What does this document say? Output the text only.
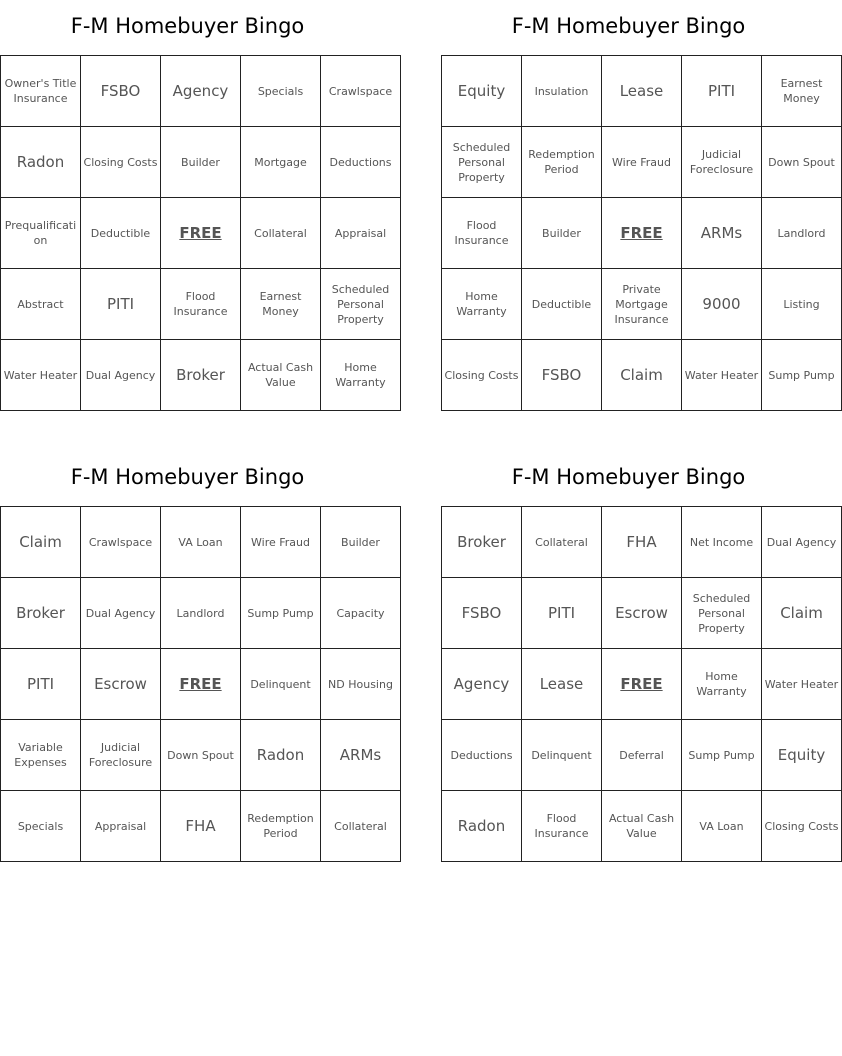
F-M Homebuyer Bingo
Owner's Title Insurance	FSBO	Agency	Specials	Crawlspace
Radon	Closing Costs	Builder	Mortgage	Deductions
Prequalification	Deductible	FREE	Collateral	Appraisal
Abstract	PITI	Flood Insurance	Earnest Money	Scheduled Personal Property
Water Heater	Dual Agency	Broker	Actual Cash Value	Home Warranty
F-M Homebuyer Bingo
Equity	Insulation	Lease	PITI	Earnest Money
Scheduled Personal Property	Redemption Period	Wire Fraud	Judicial Foreclosure	Down Spout
Flood Insurance	Builder	FREE	ARMs	Landlord
Home Warranty	Deductible	Private Mortgage Insurance	9000	Listing
Closing Costs	FSBO	Claim	Water Heater	Sump Pump
F-M Homebuyer Bingo
Claim	Crawlspace	VA Loan	Wire Fraud	Builder
Broker	Dual Agency	Landlord	Sump Pump	Capacity
PITI	Escrow	FREE	Delinquent	ND Housing
Variable Expenses	Judicial Foreclosure	Down Spout	Radon	ARMs
Specials	Appraisal	FHA	Redemption Period	Collateral
F-M Homebuyer Bingo
Broker	Collateral	FHA	Net Income	Dual Agency
FSBO	PITI	Escrow	Scheduled Personal Property	Claim
Agency	Lease	FREE	Home Warranty	Water Heater
Deductions	Delinquent	Deferral	Sump Pump	Equity
Radon	Flood Insurance	Actual Cash Value	VA Loan	Closing Costs
